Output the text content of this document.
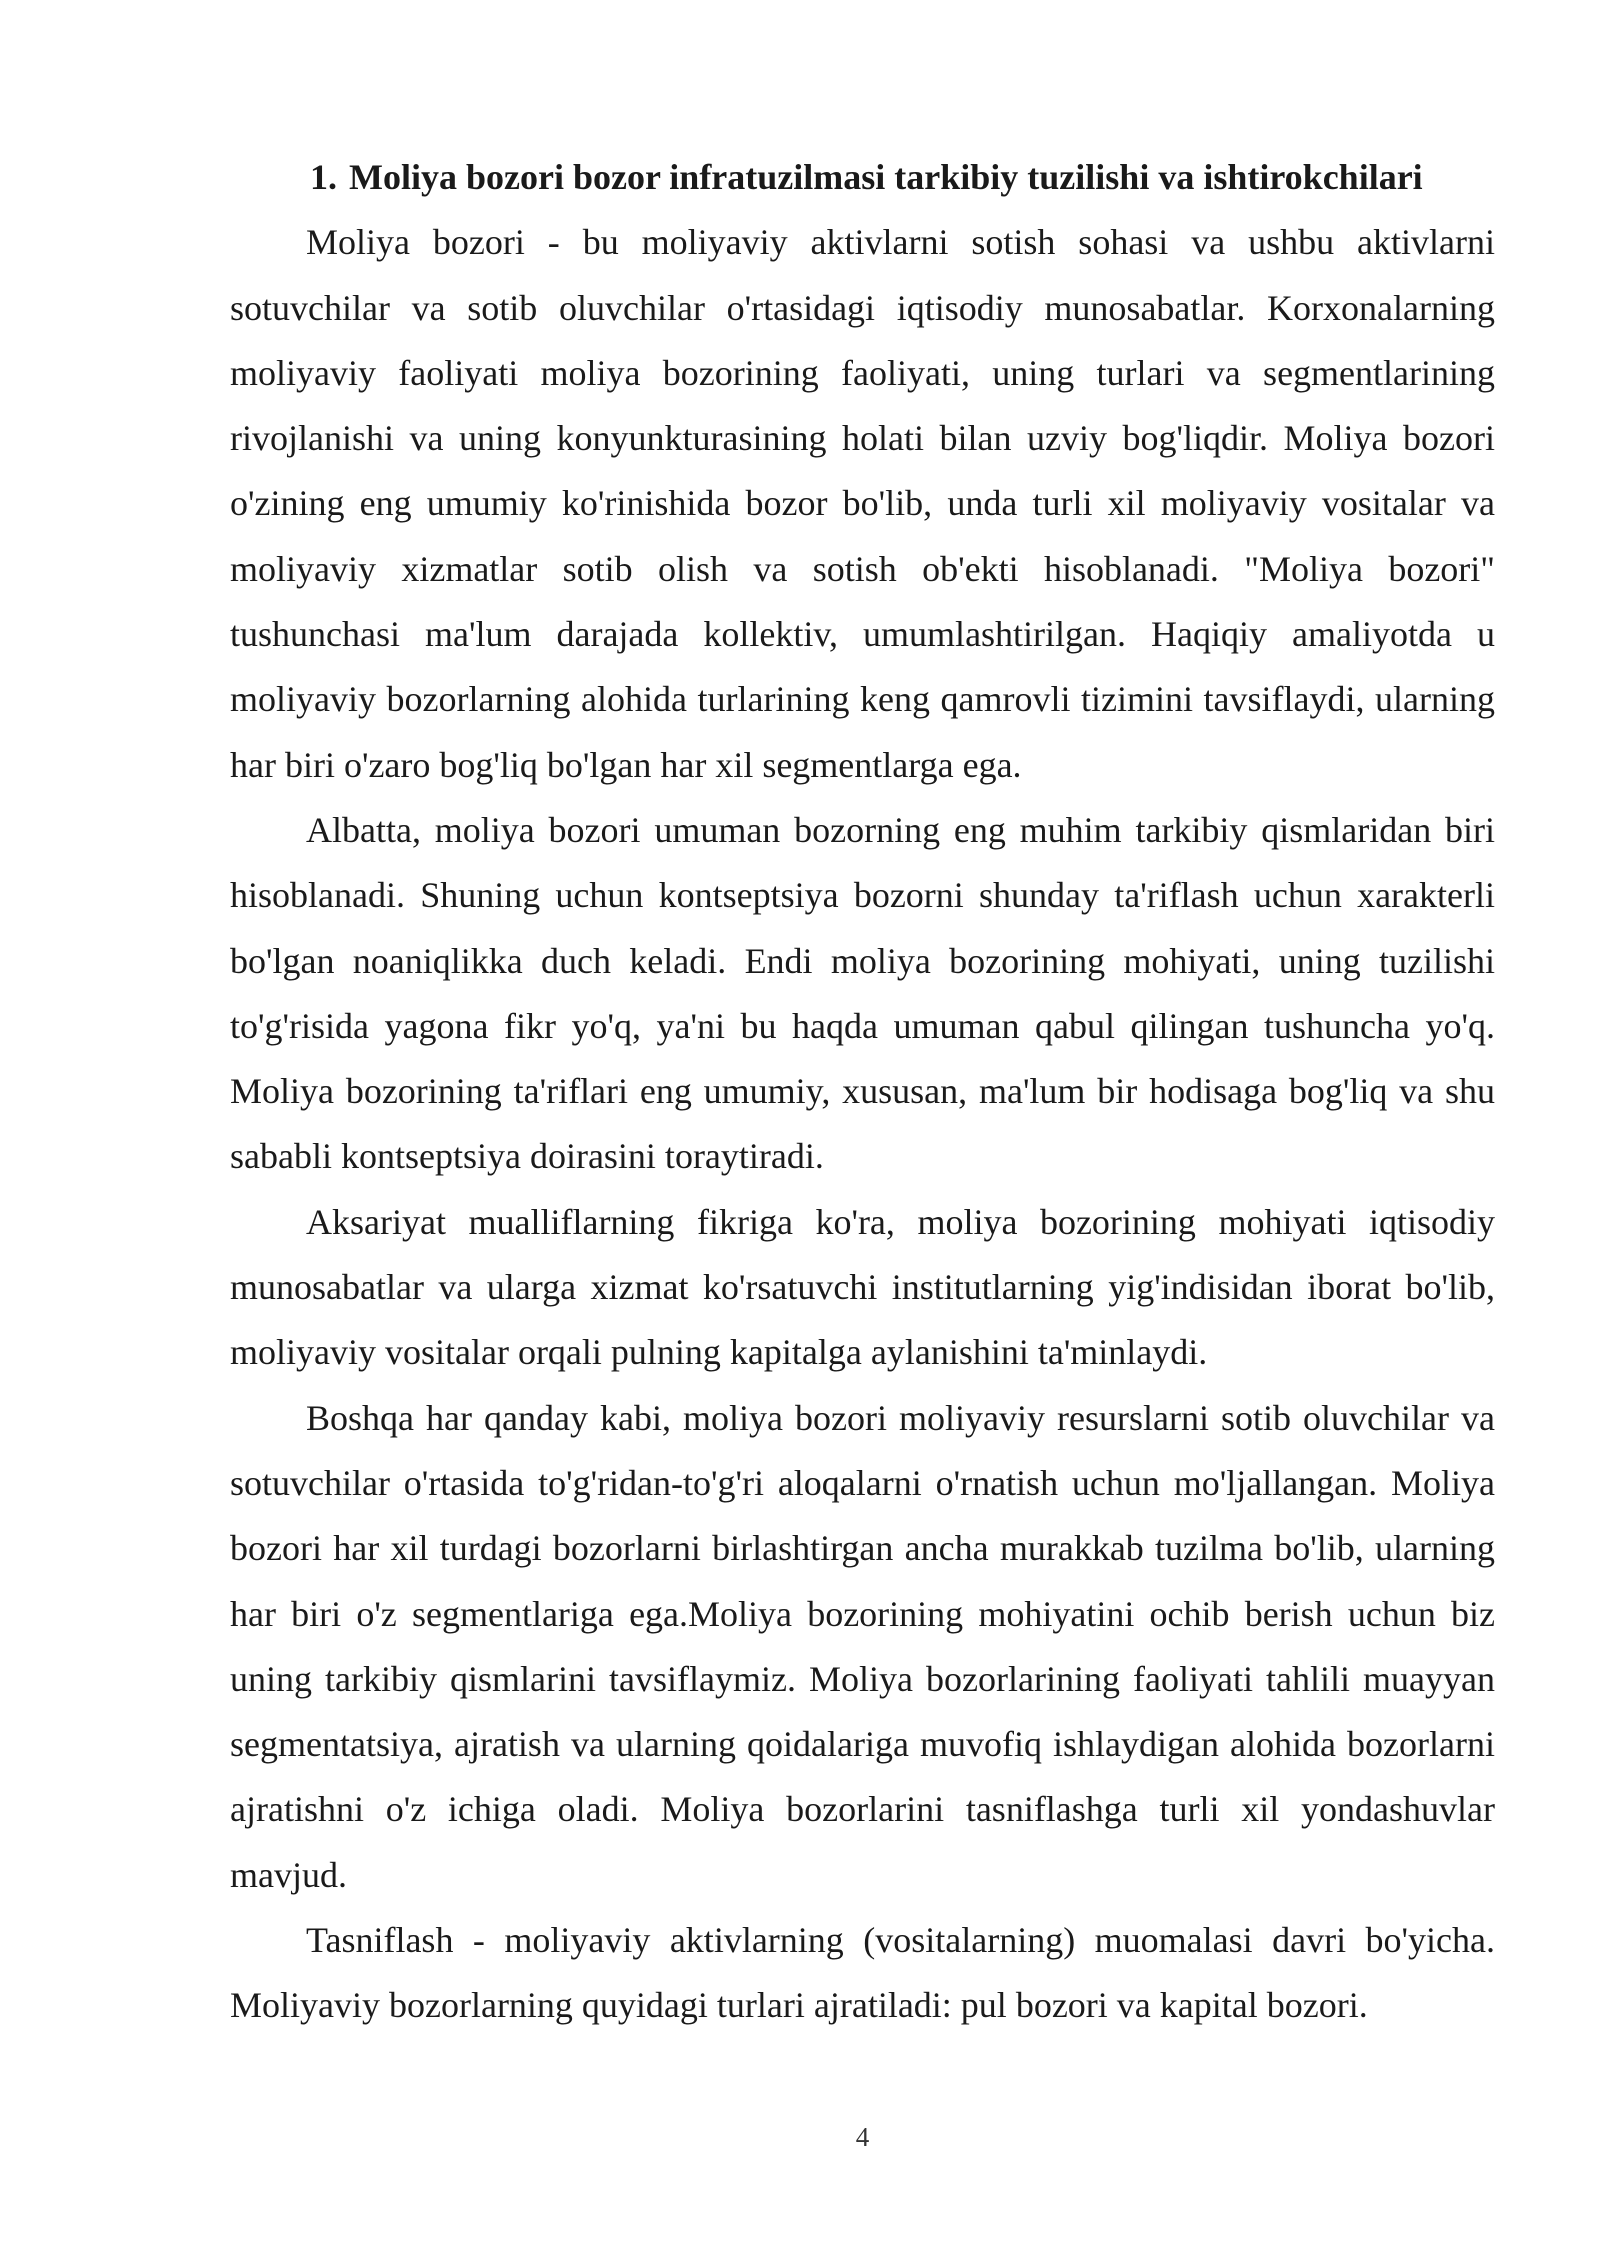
1. Moliya bozori bozor infratuzilmasi tarkibiy tuzilishi va ishtirokchilari

Moliya bozori - bu moliyaviy aktivlarni sotish sohasi va ushbu aktivlarni sotuvchilar va sotib oluvchilar o'rtasidagi iqtisodiy munosabatlar. Korxonalarning moliyaviy faoliyati moliya bozorining faoliyati, uning turlari va segmentlarining rivojlanishi va uning konyunkturasining holati bilan uzviy bog'liqdir. Moliya bozori o'zining eng umumiy ko'rinishida bozor bo'lib, unda turli xil moliyaviy vositalar va moliyaviy xizmatlar sotib olish va sotish ob'ekti hisoblanadi. "Moliya bozori" tushunchasi ma'lum darajada kollektiv, umumlashtirilgan. Haqiqiy amaliyotda u moliyaviy bozorlarning alohida turlarining keng qamrovli tizimini tavsiflaydi, ularning har biri o'zaro bog'liq bo'lgan har xil segmentlarga ega.

Albatta, moliya bozori umuman bozorning eng muhim tarkibiy qismlaridan biri hisoblanadi. Shuning uchun kontseptsiya bozorni shunday ta'riflash uchun xarakterli bo'lgan noaniqlikka duch keladi. Endi moliya bozorining mohiyati, uning tuzilishi to'g'risida yagona fikr yo'q, ya'ni bu haqda umuman qabul qilingan tushuncha yo'q. Moliya bozorining ta'riflari eng umumiy, xususan, ma'lum bir hodisaga bog'liq va shu sababli kontseptsiya doirasini toraytiradi.

Aksariyat mualliflarning fikriga ko'ra, moliya bozorining mohiyati iqtisodiy munosabatlar va ularga xizmat ko'rsatuvchi institutlarning yig'indisidan iborat bo'lib, moliyaviy vositalar orqali pulning kapitalga aylanishini ta'minlaydi.

Boshqa har qanday kabi, moliya bozori moliyaviy resurslarni sotib oluvchilar va sotuvchilar o'rtasida to'g'ridan-to'g'ri aloqalarni o'rnatish uchun mo'ljallangan. Moliya bozori har xil turdagi bozorlarni birlashtirgan ancha murakkab tuzilma bo'lib, ularning har biri o'z segmentlariga ega.Moliya bozorining mohiyatini ochib berish uchun biz uning tarkibiy qismlarini tavsiflaymiz. Moliya bozorlarining faoliyati tahlili muayyan segmentatsiya, ajratish va ularning qoidalariga muvofiq ishlaydigan alohida bozorlarni ajratishni o'z ichiga oladi. Moliya bozorlarini tasniflashga turli xil yondashuvlar mavjud.

Tasniflash - moliyaviy aktivlarning (vositalarning) muomalasi davri bo'yicha. Moliyaviy bozorlarning quyidagi turlari ajratiladi: pul bozori va kapital bozori.

4
